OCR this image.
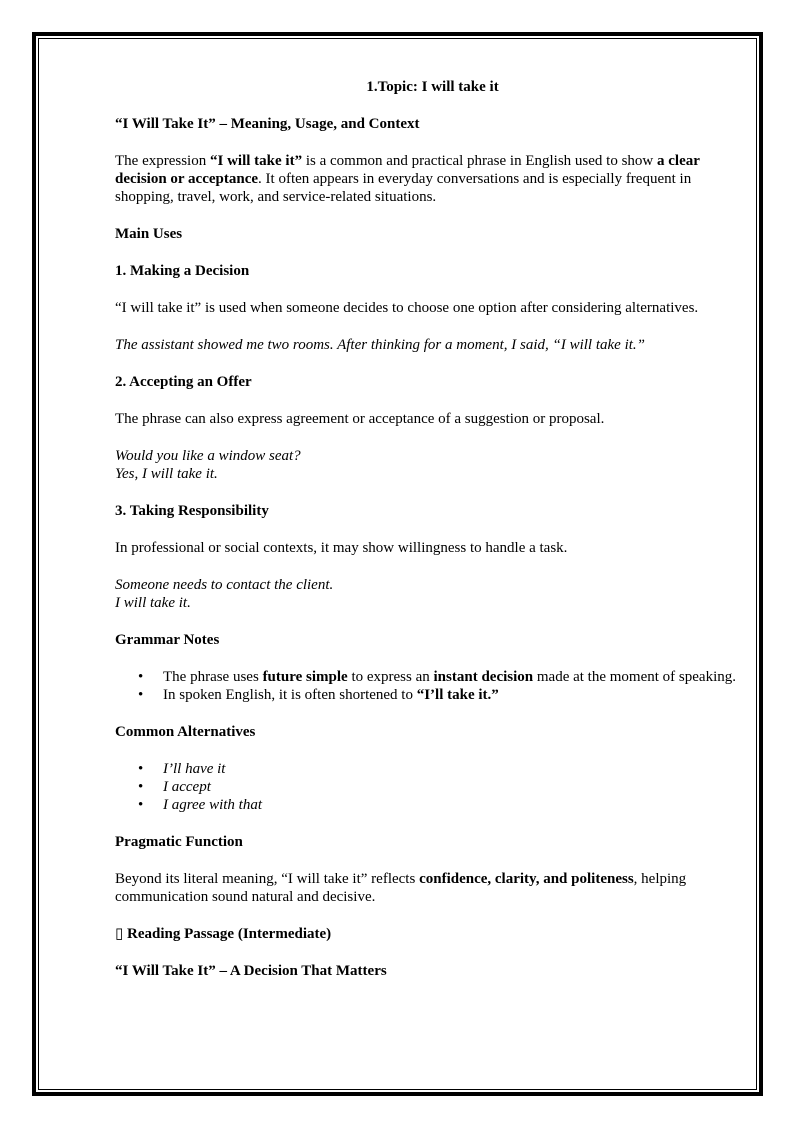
1.Topic: I will take it

“I Will Take It” – Meaning, Usage, and Context

The expression “I will take it” is a common and practical phrase in English used to show a clear decision or acceptance. It often appears in everyday conversations and is especially frequent in shopping, travel, work, and service-related situations.

Main Uses

1. Making a Decision

“I will take it” is used when someone decides to choose one option after considering alternatives.

The assistant showed me two rooms. After thinking for a moment, I said, “I will take it.”

2. Accepting an Offer

The phrase can also express agreement or acceptance of a suggestion or proposal.

Would you like a window seat?

Yes, I will take it.

3. Taking Responsibility

In professional or social contexts, it may show willingness to handle a task.

Someone needs to contact the client.

I will take it.

Grammar Notes

• The phrase uses future simple to express an instant decision made at the moment of speaking.
• In spoken English, it is often shortened to “I’ll take it.”

Common Alternatives

• I’ll have it
• I accept
• I agree with that

Pragmatic Function

Beyond its literal meaning, “I will take it” reflects confidence, clarity, and politeness, helping communication sound natural and decisive.

▯ Reading Passage (Intermediate)

“I Will Take It” – A Decision That Matters
